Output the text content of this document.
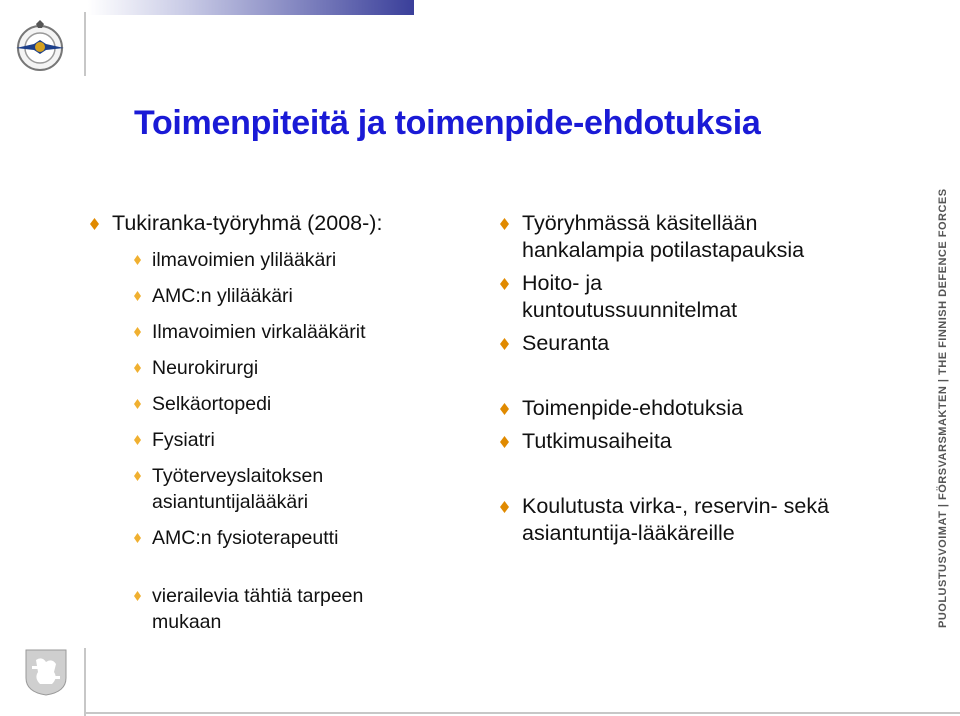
PUOLUSTUSVOIMAT | FÖRSVARSMAKTEN | THE FINNISH DEFENCE FORCES
Toimenpiteitä ja toimenpide-ehdotuksia
Tukiranka-työryhmä (2008-):
ilmavoimien ylilääkäri
AMC:n ylilääkäri
Ilmavoimien virkalääkärit
Neurokirurgi
Selkäortopedi
Fysiatri
Työterveyslaitoksen asiantuntijalääkäri
AMC:n fysioterapeutti
vierailevia tähtiä tarpeen mukaan
Työryhmässä käsitellään hankalampia potilastapauksia
Hoito- ja kuntoutussuunnitelmat
Seuranta
Toimenpide-ehdotuksia
Tutkimusaiheita
Koulutusta virka-, reservin- sekä asiantuntija-lääkäreille
